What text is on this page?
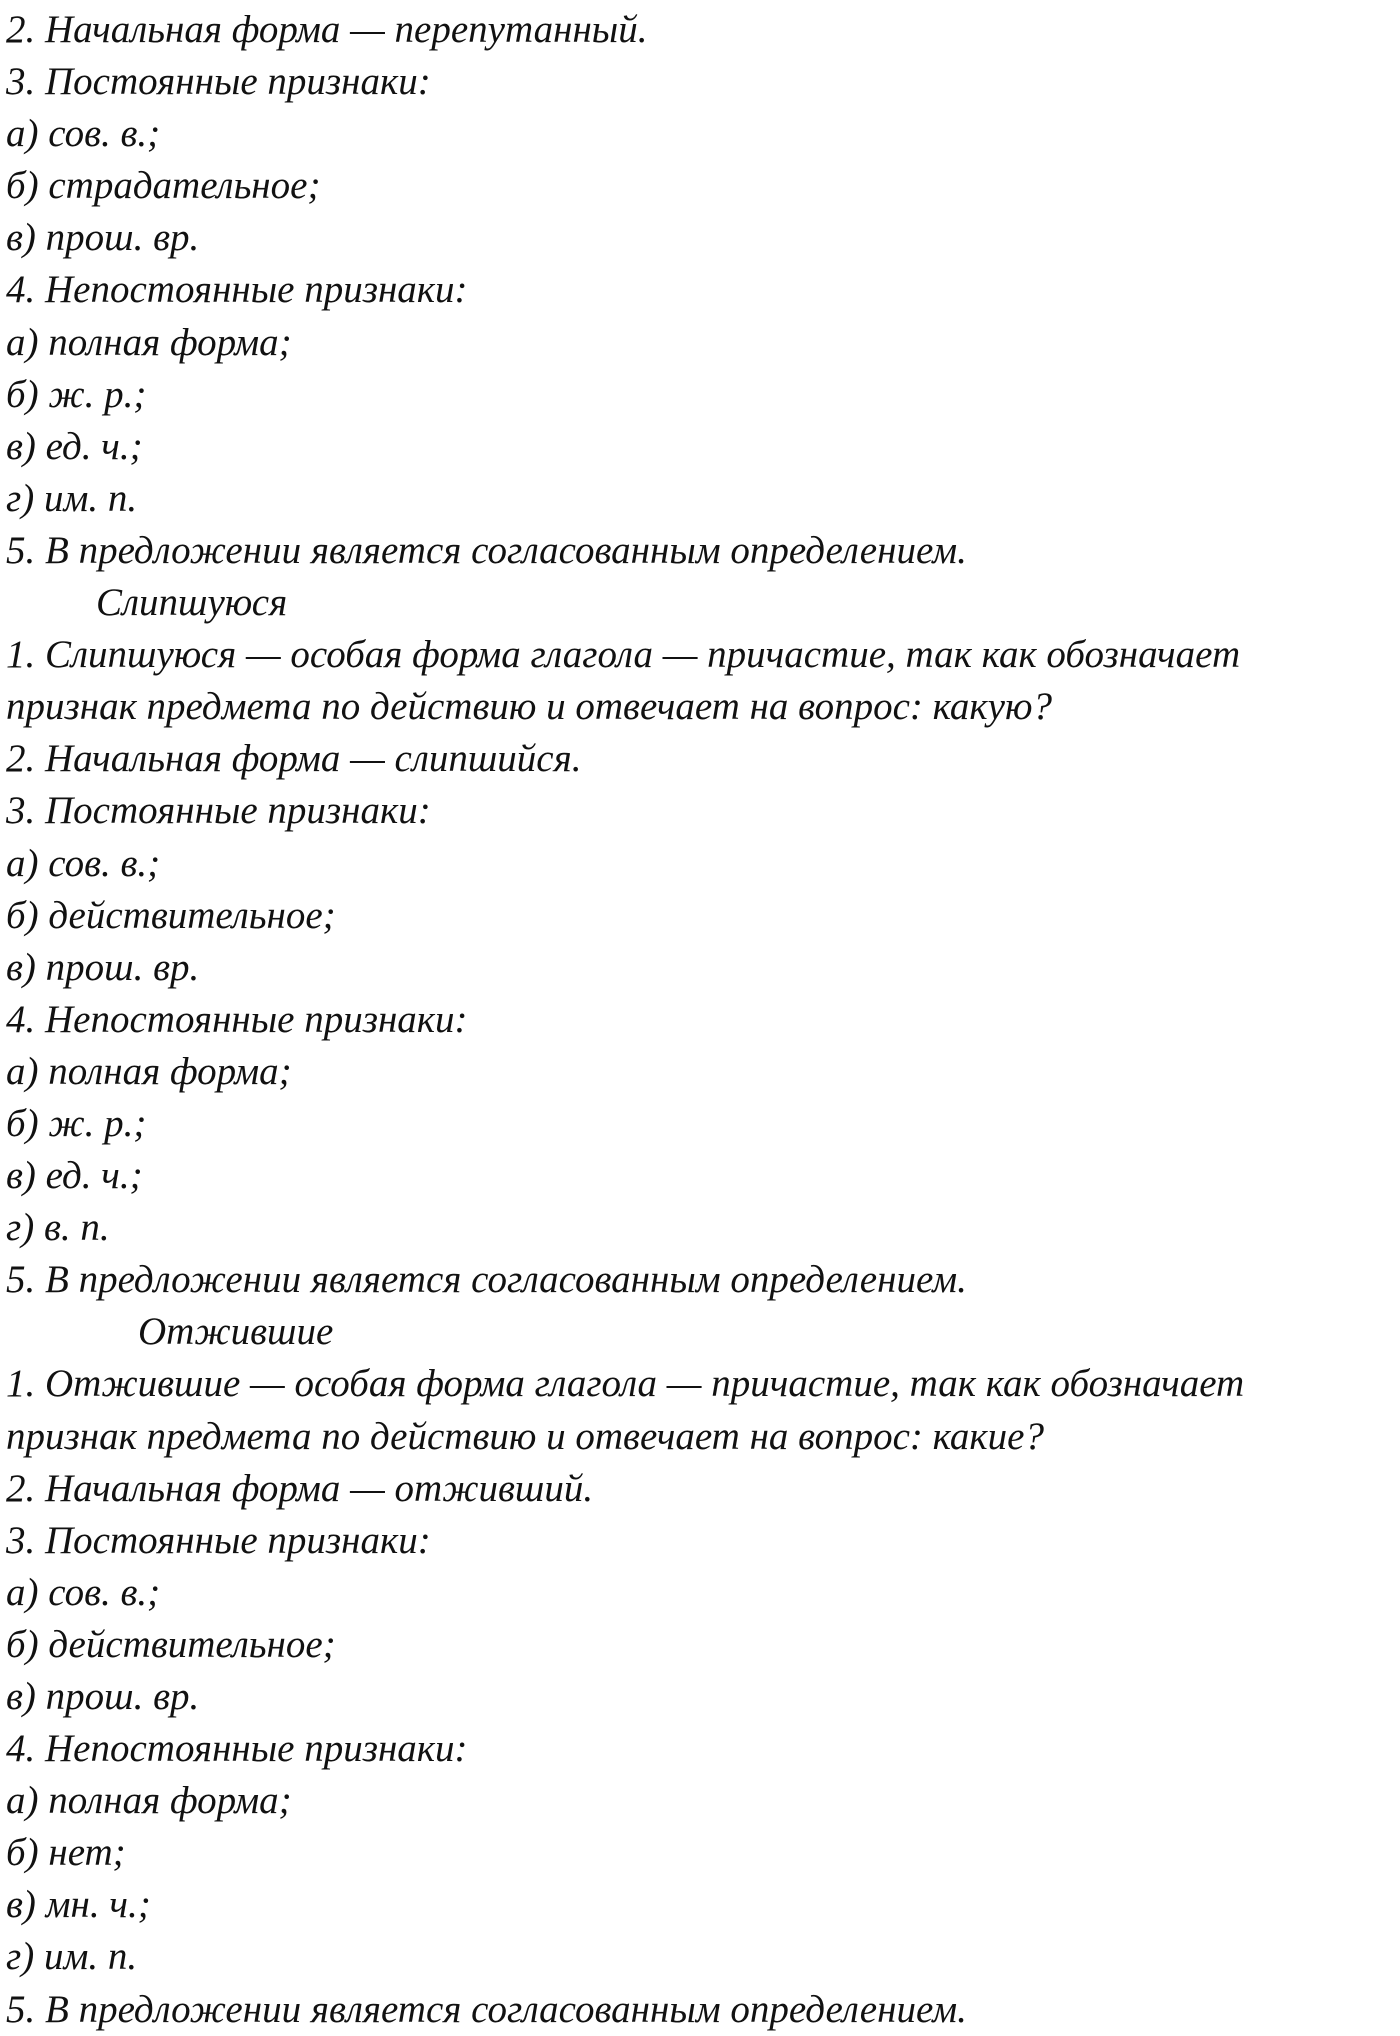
2. Начальная форма — перепутанный.
3. Постоянные признаки:
а) сов. в.;
б) страдательное;
в) прош. вр.
4. Непостоянные признаки:
а) полная форма;
б) ж. р.;
в) ед. ч.;
г) им. п.
5. В предложении является согласованным определением.
Слипшуюся
1. Слипшуюся — особая форма глагола — причастие, так как обозначает
признак предмета по действию и отвечает на вопрос: какую?
2. Начальная форма — слипшийся.
3. Постоянные признаки:
а) сов. в.;
б) действительное;
в) прош. вр.
4. Непостоянные признаки:
а) полная форма;
б) ж. р.;
в) ед. ч.;
г) в. п.
5. В предложении является согласованным определением.
Отжившие
1. Отжившие — особая форма глагола — причастие, так как обозначает
признак предмета по действию и отвечает на вопрос: какие?
2. Начальная форма — отживший.
3. Постоянные признаки:
а) сов. в.;
б) действительное;
в) прош. вр.
4. Непостоянные признаки:
а) полная форма;
б) нет;
в) мн. ч.;
г) им. п.
5. В предложении является согласованным определением.
